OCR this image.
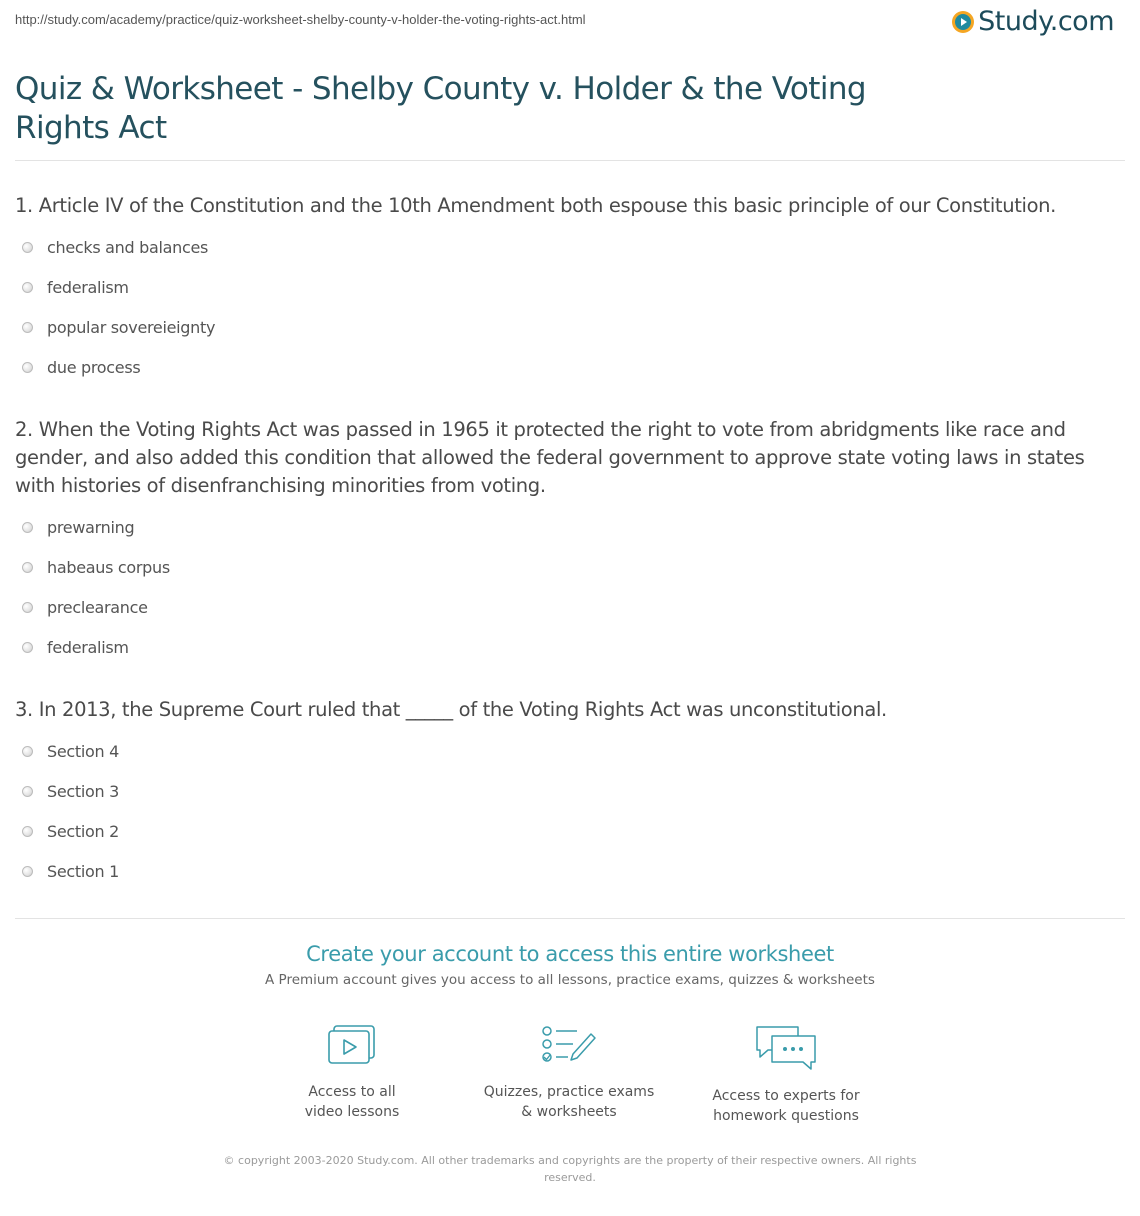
http://study.com/academy/practice/quiz-worksheet-shelby-county-v-holder-the-voting-rights-act.html	Study.com
Quiz & Worksheet - Shelby County v. Holder & the Voting Rights Act
1. Article IV of the Constitution and the 10th Amendment both espouse this basic principle of our Constitution.
checks and balances
federalism
popular sovereieignty
due process
2. When the Voting Rights Act was passed in 1965 it protected the right to vote from abridgments like race and gender, and also added this condition that allowed the federal government to approve state voting laws in states with histories of disenfranchising minorities from voting.
prewarning
habeaus corpus
preclearance
federalism
3. In 2013, the Supreme Court ruled that _____ of the Voting Rights Act was unconstitutional.
Section 4
Section 3
Section 2
Section 1
Create your account to access this entire worksheet
A Premium account gives you access to all lessons, practice exams, quizzes & worksheets
Access to all
video lessons
Quizzes, practice exams
& worksheets
Access to experts for
homework questions
© copyright 2003-2020 Study.com. All other trademarks and copyrights are the property of their respective owners. All rights reserved.
